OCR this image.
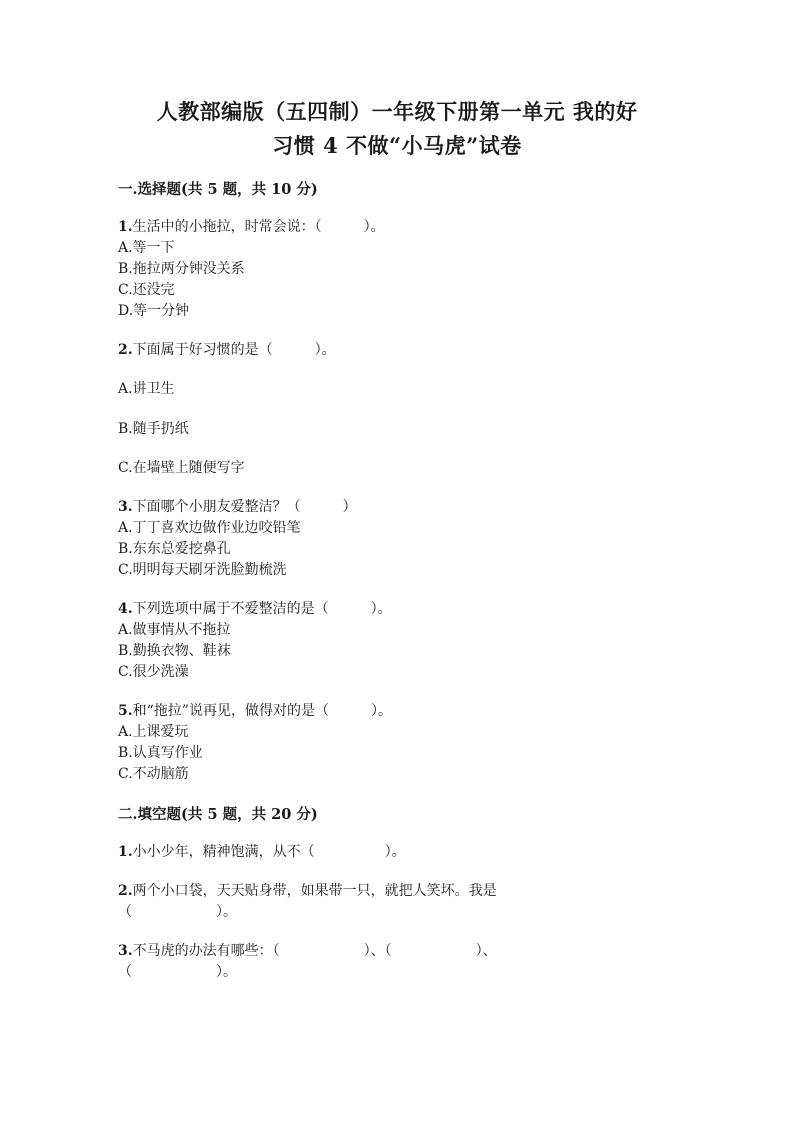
人教部编版（五四制）一年级下册第一单元 我的好
习惯 4 不做“小马虎”试卷
一.选择题(共 5 题，共 10 分)

1.生活中的小拖拉，时常会说：（　　　）。

A.等一下

B.拖拉两分钟没关系

C.还没完

D.等一分钟

2.下面属于好习惯的是（　　　）。

A.讲卫生

B.随手扔纸

C.在墙壁上随便写字

3.下面哪个小朋友爱整洁？（　　　）

A.丁丁喜欢边做作业边咬铅笔

B.东东总爱挖鼻孔

C.明明每天刷牙洗脸勤梳洗

4.下列选项中属于不爱整洁的是（　　　）。

A.做事情从不拖拉

B.勤换衣物、鞋袜

C.很少洗澡

5.和“拖拉”说再见，做得对的是（　　　）。

A.上课爱玩

B.认真写作业

C.不动脑筋

二.填空题(共 5 题，共 20 分)

1.小小少年，精神饱满，从不（　　　　　）。

2.两个小口袋，天天贴身带，如果带一只，就把人笑坏。我是

（　　　　　　）。

3.不马虎的办法有哪些：（　　　　　　）、（　　　　　　）、

（　　　　　　）。
